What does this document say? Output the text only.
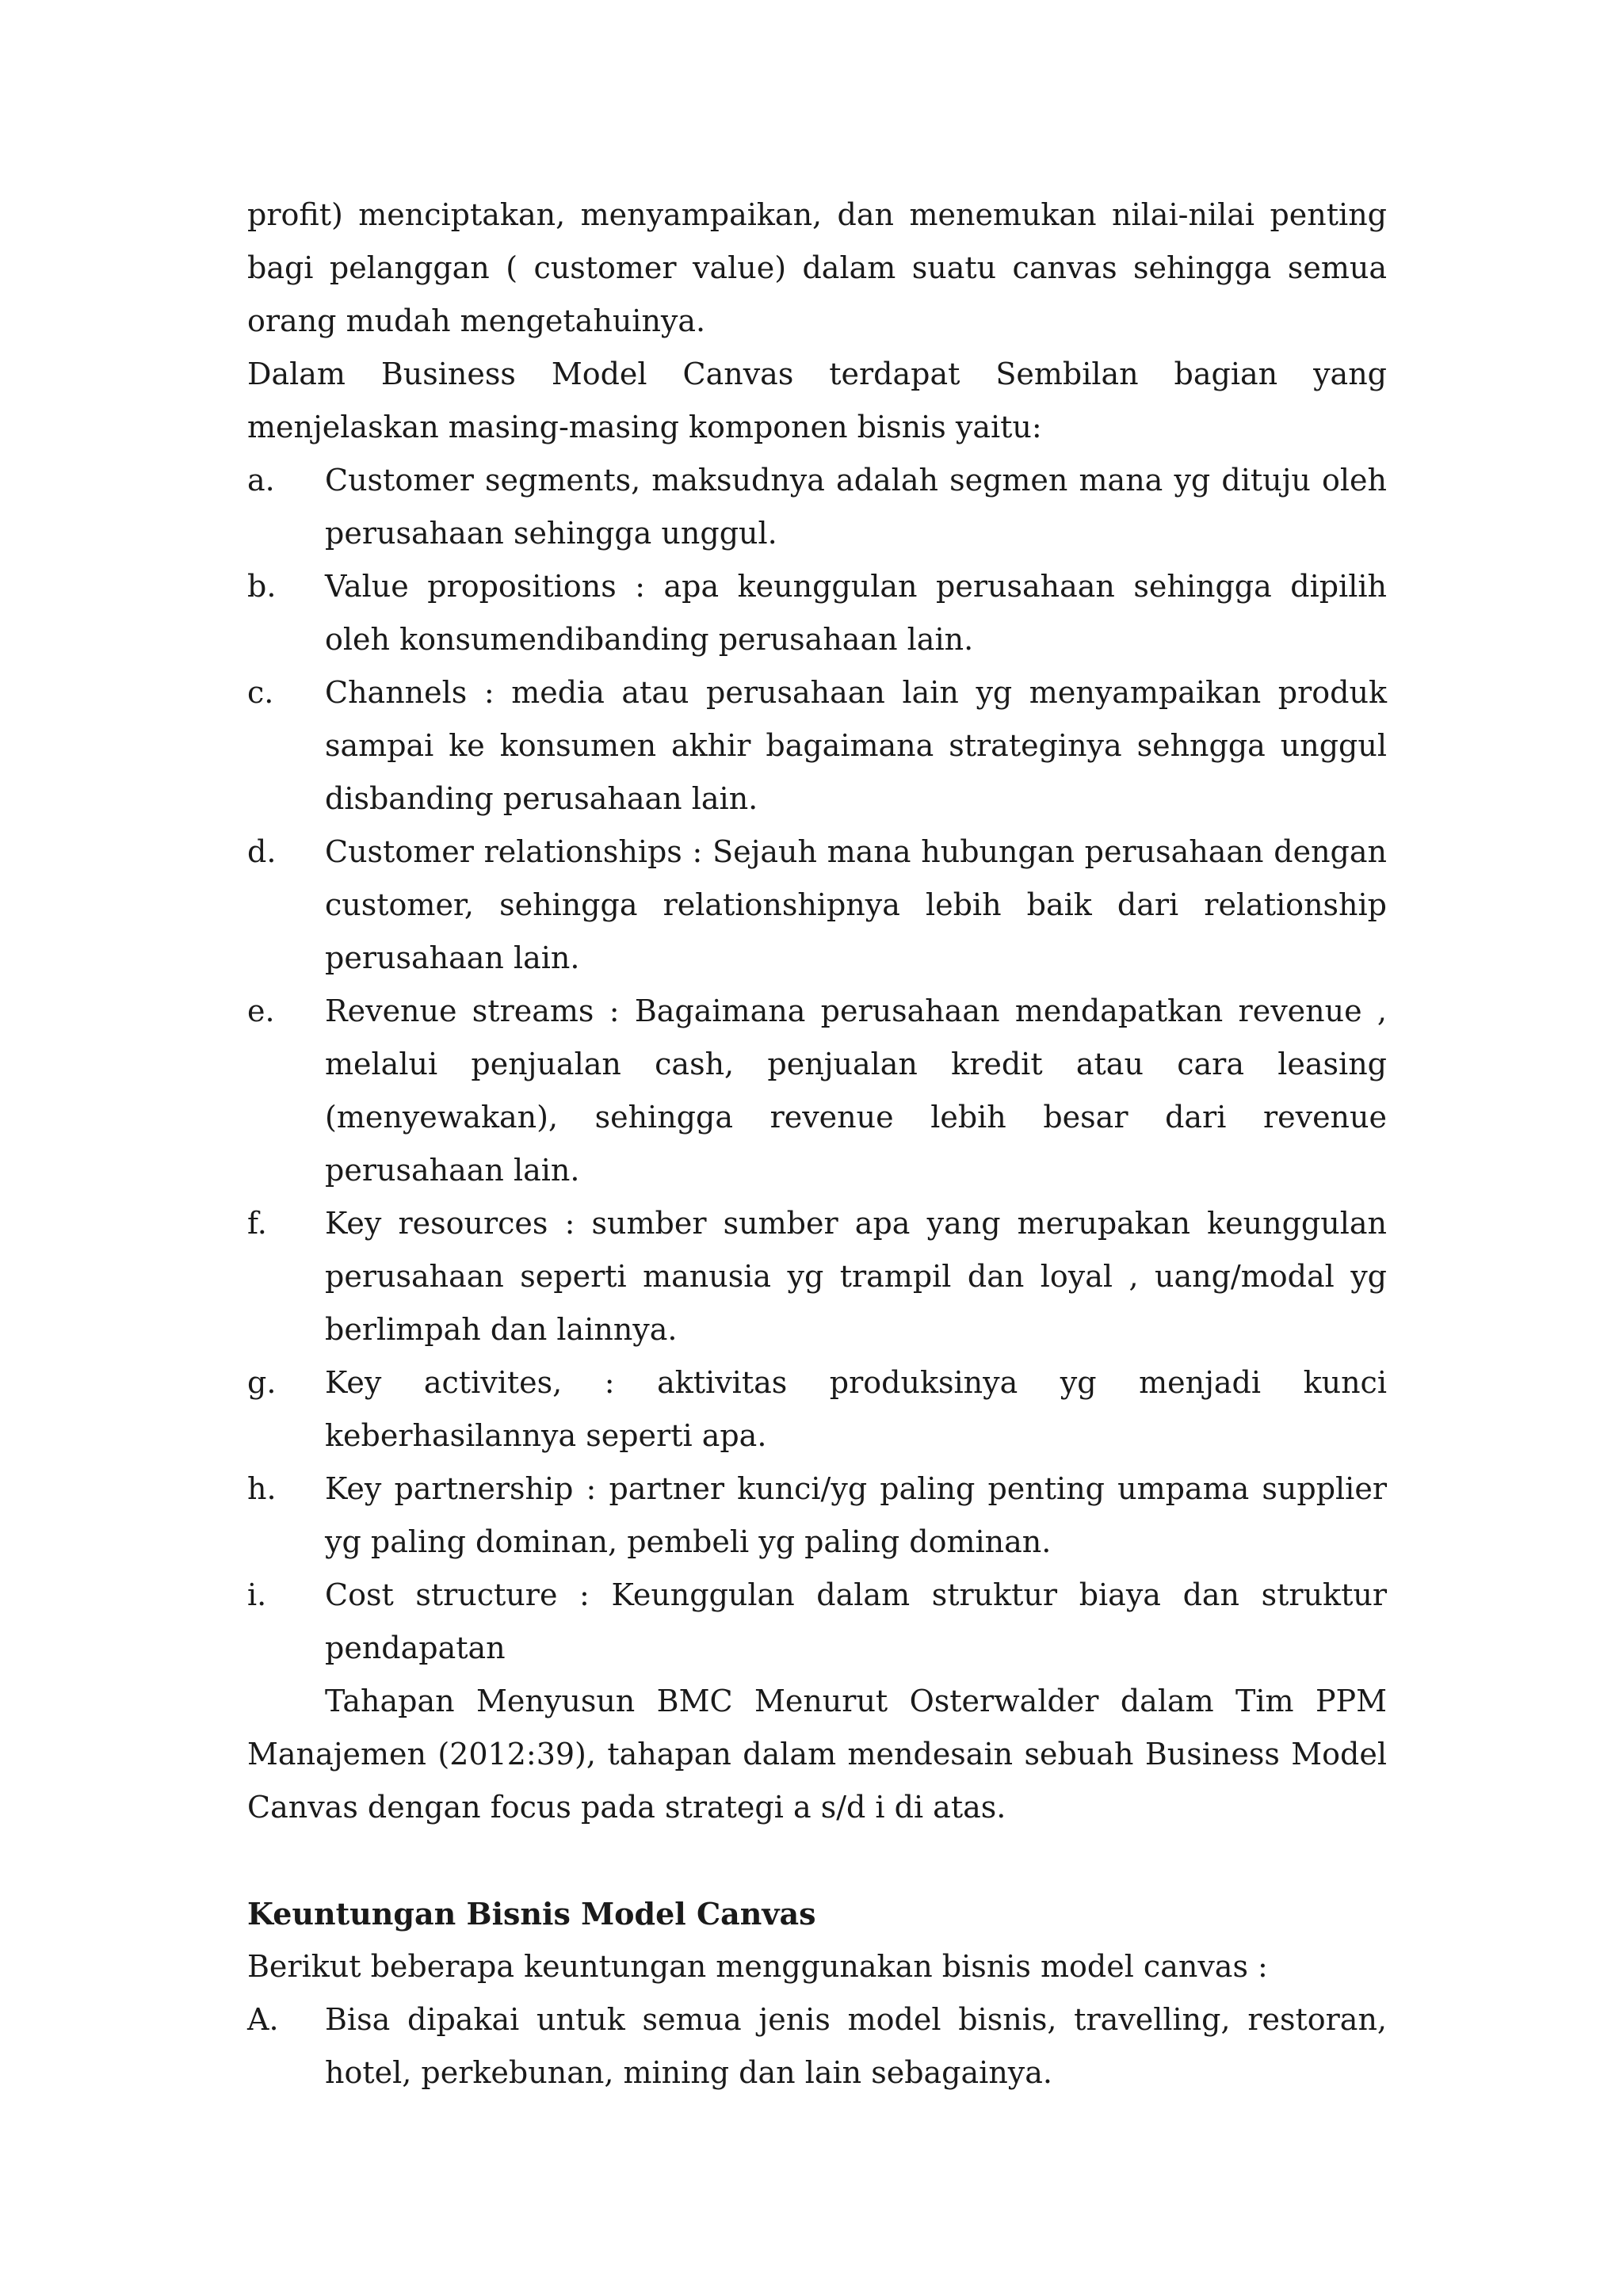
profit) menciptakan, menyampaikan, dan menemukan nilai-nilai penting bagi pelanggan ( customer value) dalam suatu canvas sehingga semua orang mudah mengetahuinya.

Dalam Business Model Canvas terdapat Sembilan bagian yang menjelaskan masing-masing komponen bisnis yaitu:

a.	Customer segments, maksudnya adalah segmen mana yg dituju oleh perusahaan sehingga unggul.
b.	Value propositions : apa keunggulan perusahaan sehingga dipilih oleh konsumendibanding perusahaan lain.
c.	Channels : media atau perusahaan lain yg menyampaikan produk sampai ke konsumen akhir bagaimana strateginya sehngga unggul disbanding perusahaan lain.
d.	Customer relationships : Sejauh mana hubungan perusahaan dengan customer, sehingga relationshipnya lebih baik dari relationship perusahaan lain.
e.	Revenue streams : Bagaimana perusahaan mendapatkan revenue , melalui penjualan cash, penjualan kredit atau cara leasing (menyewakan), sehingga revenue lebih besar dari revenue perusahaan lain.
f.	Key resources : sumber sumber apa yang merupakan keunggulan perusahaan seperti manusia yg trampil dan loyal , uang/modal yg berlimpah dan lainnya.
g.	Key activites, : aktivitas produksinya yg menjadi kunci keberhasilannya seperti apa.
h.	Key partnership : partner kunci/yg paling penting umpama supplier yg paling dominan, pembeli yg paling dominan.
i.	Cost structure : Keunggulan dalam struktur biaya dan struktur pendapatan

Tahapan Menyusun BMC Menurut Osterwalder dalam Tim PPM Manajemen (2012:39), tahapan dalam mendesain sebuah Business Model Canvas dengan focus pada strategi a s/d i di atas.

Keuntungan Bisnis Model Canvas

Berikut beberapa keuntungan menggunakan bisnis model canvas :

A.	Bisa dipakai untuk semua jenis model bisnis, travelling, restoran, hotel, perkebunan, mining dan lain sebagainya.
